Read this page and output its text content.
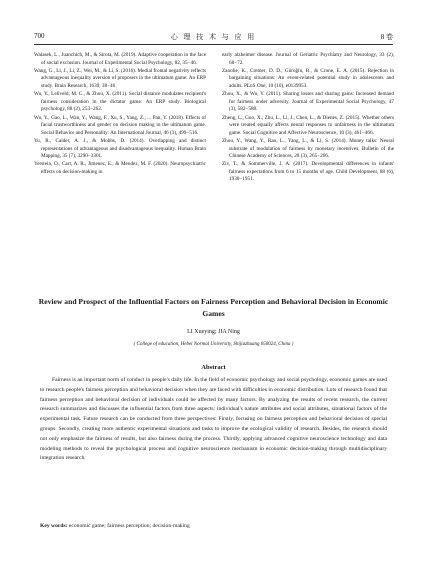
700	心 理 技 术 与 应 用	8 卷

Walasek, L., Juanchich, M., & Sirota, M. (2019). Adaptive cooperation in the face of social exclusion. Journal of Experimental Social Psychology, 82, 35−46.

Wang, G., Li, J., Li, Z., Wei, M., & Li, S. (2016). Medial frontal negativity reflects advantageous inequality aversion of proposers in the ultimatum game: An ERP study. Brain Research, 1639, 38−46

Wu, Y., Leliveld, M. C., & Zhou, X. (2011). Social distance modulates recipient's fairness consideration in the dictator game: An ERP study. Biological psychology, 88 (2), 253−262.

Wu, Y., Gao, L., Wan, Y., Wang, F., Xu, S., Yang, Z., ... Pan, Y. (2018). Effects of facial trustworthiness and gender on decision making in the ultimatum game. Social Behavior and Personality: An International Journal, 46 (3), 499−516.

Yu, R., Calder, A. J., & Mobbs, D. (2014). Overlapping and distinct representations of advantageous and disadvantageous inequality. Human Brain Mapping, 35 (7), 3290−3301.

Yerstein, O., Carr, A. R., Jimenez, E., & Mendez, M. F. (2020). Neuropsychiatric effects on decision-making in

early alzheimer disease. Journal of Geriatric Psychiatry and Neurology, 33 (2), 68−72.

Zanolie, K., Cremer, D. D., Güroğlu, B., & Crone, E. A. (2015). Rejection in bargaining situations: An event-related potential study in adolescents and adults. PLoS One, 10 (10), e0139953.

Zhou, X., & Wu, Y. (2011). Sharing losses and sharing gains: Increased demand for fairness under adversity. Journal of Experimental Social Psychology, 47 (3), 582−588.

Zheng, L., Guo, X., Zhu, L., Li, J., Chen, L., & Dienes, Z. (2015). Whether others were treated equally affects neural responses to unfairness in the ultimatum game. Social Cognitive and Affective Neuroscience, 10 (3), 461−466.

Zhou, Y., Wang, Y., Rao, L., Yang, L., & Li, S. (2014). Money talks: Neural substrate of modulation of fairness by monetary incentives. Bulletin of the Chinese Academy of Sciences, 28 (3), 265−266.

Ziv, T., & Sommerville, J. A. (2017). Developmental differences in infants' fairness expectations from 6 to 15 months of age. Child Development, 88 (6), 1930−1951.

Review and Prospect of the Influential Factors on Fairness Perception and Behavioral Decision in Economic Games
LI Xueying; JIA Ning
( College of education, Hebei Normal University, Shijiazhuang 050024, China )
Abstract

Fairness is an important norm of conduct in people's daily life. In the field of economic psychology and social psychology, economic games are used to research people's fairness perception and behavioral decision when they are faced with difficulties in economic distribution. Lots of research found that fairness perception and behavioral decision of individuals could be affected by many factors. By analyzing the results of recent research, the current research summarizes and discusses the influential factors from three aspects: individual's nature attributes and social attributes, situational factors of the experimental task. Future research can be conducted from three perspectives: Firstly, focusing on fairness perception and behavioral decision of special groups. Secondly, creating more authentic experimental situations and tasks to improve the ecological validity of research. Besides, the research should not only emphasize the fairness of results, but also fairness during the process. Thirdly, applying advanced cognitive neuroscience technology and data modeling methods to reveal the psychological process and cognitive neuroscience mechanism in economic decision-making through multidisciplinary integration research.

Key words: economic game; fairness perception; decision-making
